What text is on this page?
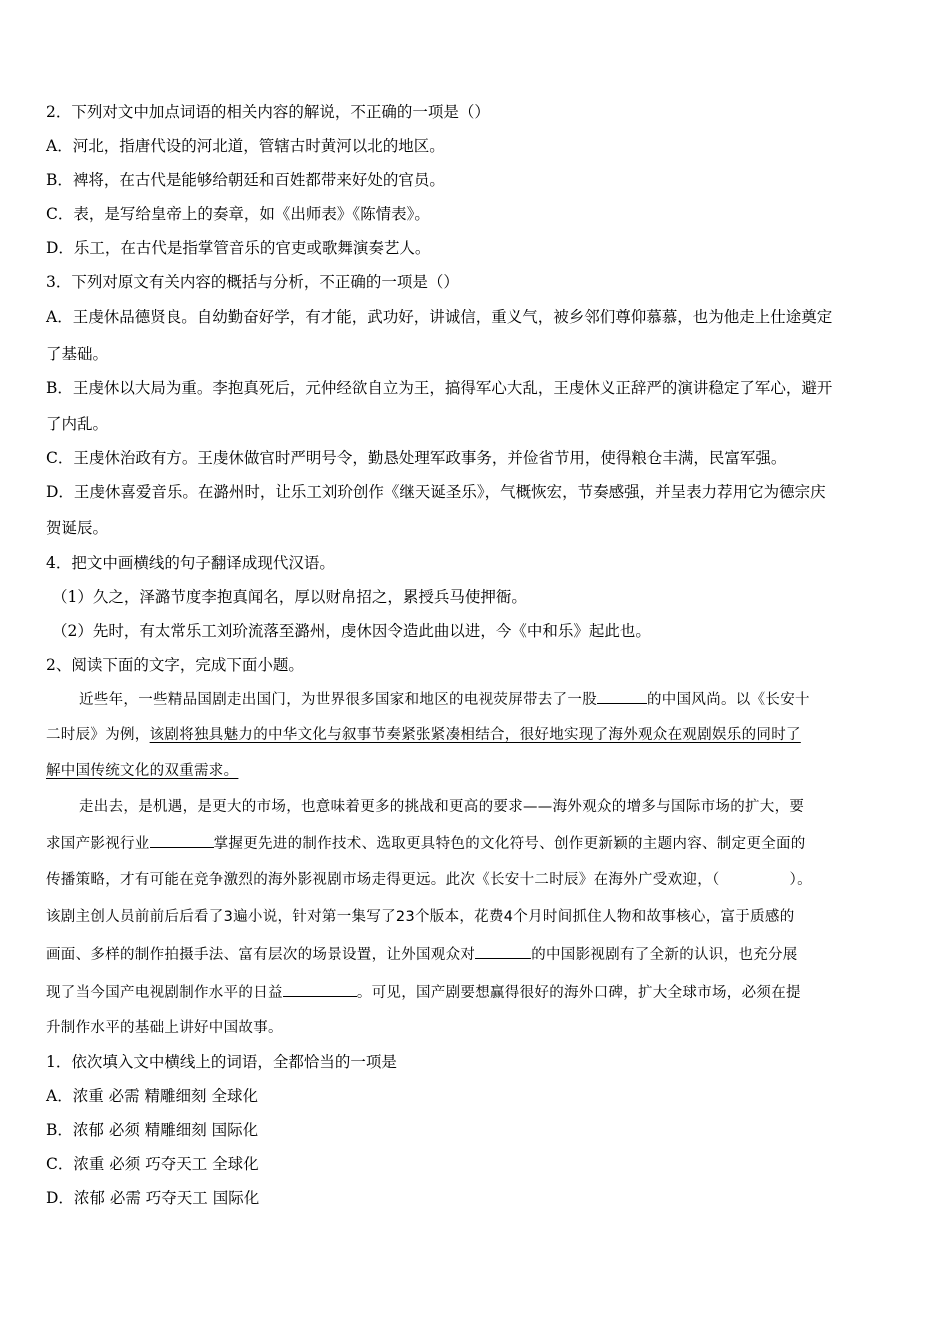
2．下列对文中加点词语的相关内容的解说，不正确的一项是（）
A．河北，指唐代设的河北道，管辖古时黄河以北的地区。
B．裨将，在古代是能够给朝廷和百姓都带来好处的官员。
C．表，是写给皇帝上的奏章，如《出师表》《陈情表》。
D．乐工，在古代是指掌管音乐的官吏或歌舞演奏艺人。
3．下列对原文有关内容的概括与分析，不正确的一项是（）
A．王虔休品德贤良。自幼勤奋好学，有才能，武功好，讲诚信，重义气，被乡邻们尊仰慕慕，也为他走上仕途奠定
了基础。
B．王虔休以大局为重。李抱真死后，元仲经欲自立为王，搞得军心大乱，王虔休义正辞严的演讲稳定了军心，避开
了内乱。
C．王虔休治政有方。王虔休做官时严明号令，勤恳处理军政事务，并俭省节用，使得粮仓丰满，民富军强。
D．王虔休喜爱音乐。在潞州时，让乐工刘玠创作《继天诞圣乐》，气概恢宏，节奏感强，并呈表力荐用它为德宗庆
贺诞辰。
4．把文中画横线的句子翻译成现代汉语。
（1）久之，泽潞节度李抱真闻名，厚以财帛招之，累授兵马使押衙。
（2）先时，有太常乐工刘玠流落至潞州，虔休因令造此曲以进，今《中和乐》起此也。
2、阅读下面的文字，完成下面小题。
近些年，一些精品国剧走出国门，为世界很多国家和地区的电视荧屏带去了一股	的中国风尚。以《长安十
二时辰》为例，该剧将独具魅力的中华文化与叙事节奏紧张紧凑相结合，很好地实现了海外观众在观剧娱乐的同时了
解中国传统文化的双重需求。
走出去，是机遇，是更大的市场，也意味着更多的挑战和更高的要求——海外观众的增多与国际市场的扩大，要
求国产影视行业	掌握更先进的制作技术、选取更具特色的文化符号、创作更新颖的主题内容、制定更全面的
传播策略，才有可能在竞争激烈的海外影视剧市场走得更远。此次《长安十二时辰》在海外广受欢迎，（	）。
该剧主创人员前前后后看了3遍小说，针对第一集写了23个版本，花费4个月时间抓住人物和故事核心，富于质感的
画面、多样的制作拍摄手法、富有层次的场景设置，让外国观众对	的中国影视剧有了全新的认识，也充分展
现了当今国产电视剧制作水平的日益	。可见，国产剧要想赢得很好的海外口碑，扩大全球市场，必须在提
升制作水平的基础上讲好中国故事。
1．依次填入文中横线上的词语，全都恰当的一项是
A．浓重 必需 精雕细刻 全球化
B．浓郁 必须 精雕细刻 国际化
C．浓重 必须 巧夺天工 全球化
D．浓郁 必需 巧夺天工 国际化
